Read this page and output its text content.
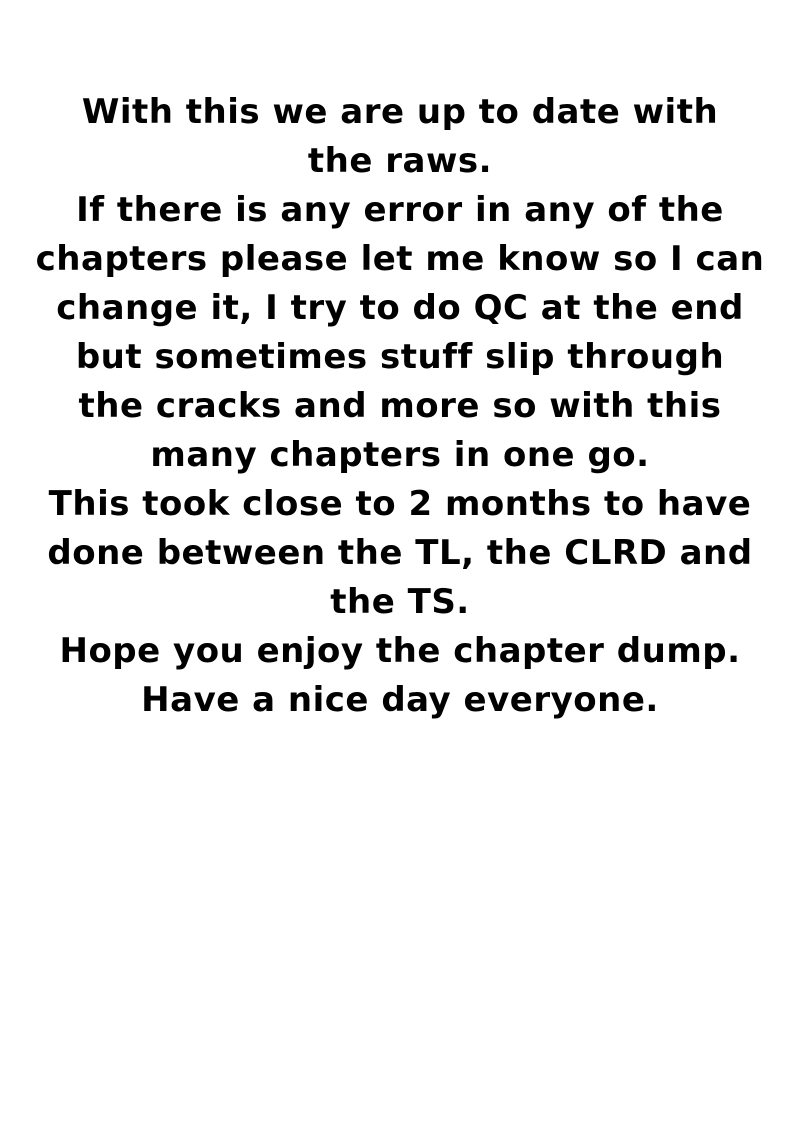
With this we are up to date with
the raws.

If there is any error in any of the
chapters please let me know so I can
change it, I try to do QC at the end
but sometimes stuff slip through
the cracks and more so with this
many chapters in one go.

This took close to 2 months to have
done between the TL, the CLRD and
the TS.

Hope you enjoy the chapter dump.

Have a nice day everyone.
